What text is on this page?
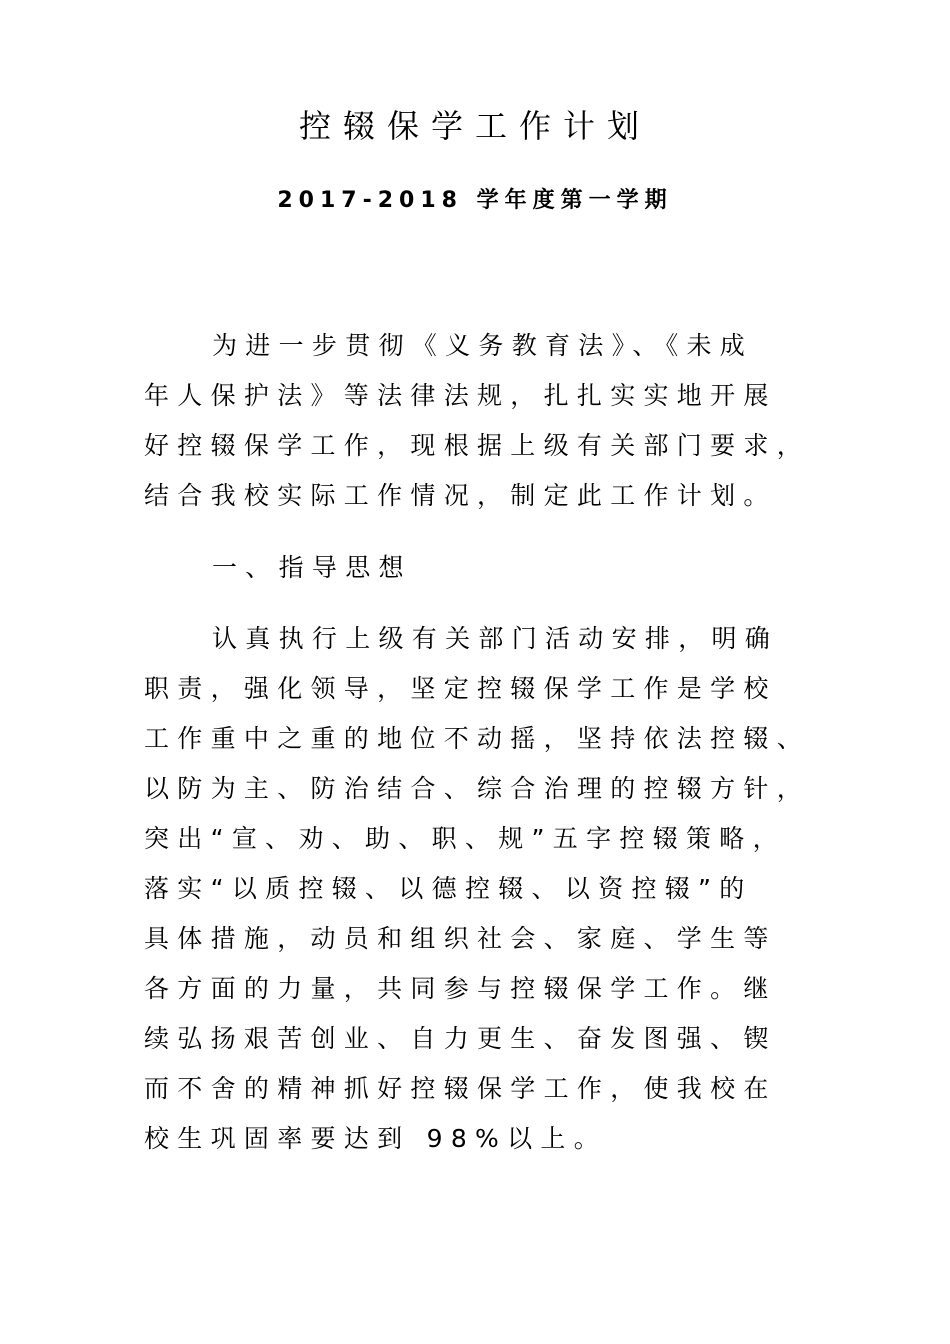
控辍保学工作计划
2017-2018 学年度第一学期
为进一步贯彻《义务教育法》、《未成
年人保护法》等法律法规，扎扎实实地开展
好控辍保学工作，现根据上级有关部门要求，
结合我校实际工作情况，制定此工作计划。
一、指导思想
认真执行上级有关部门活动安排，明确
职责，强化领导，坚定控辍保学工作是学校
工作重中之重的地位不动摇，坚持依法控辍、
以防为主、防治结合、综合治理的控辍方针，
突出“宣、劝、助、职、规”五字控辍策略，
落实“以质控辍、以德控辍、以资控辍”的
具体措施，动员和组织社会、家庭、学生等
各方面的力量，共同参与控辍保学工作。继
续弘扬艰苦创业、自力更生、奋发图强、锲
而不舍的精神抓好控辍保学工作，使我校在
校生巩固率要达到 98%以上。
